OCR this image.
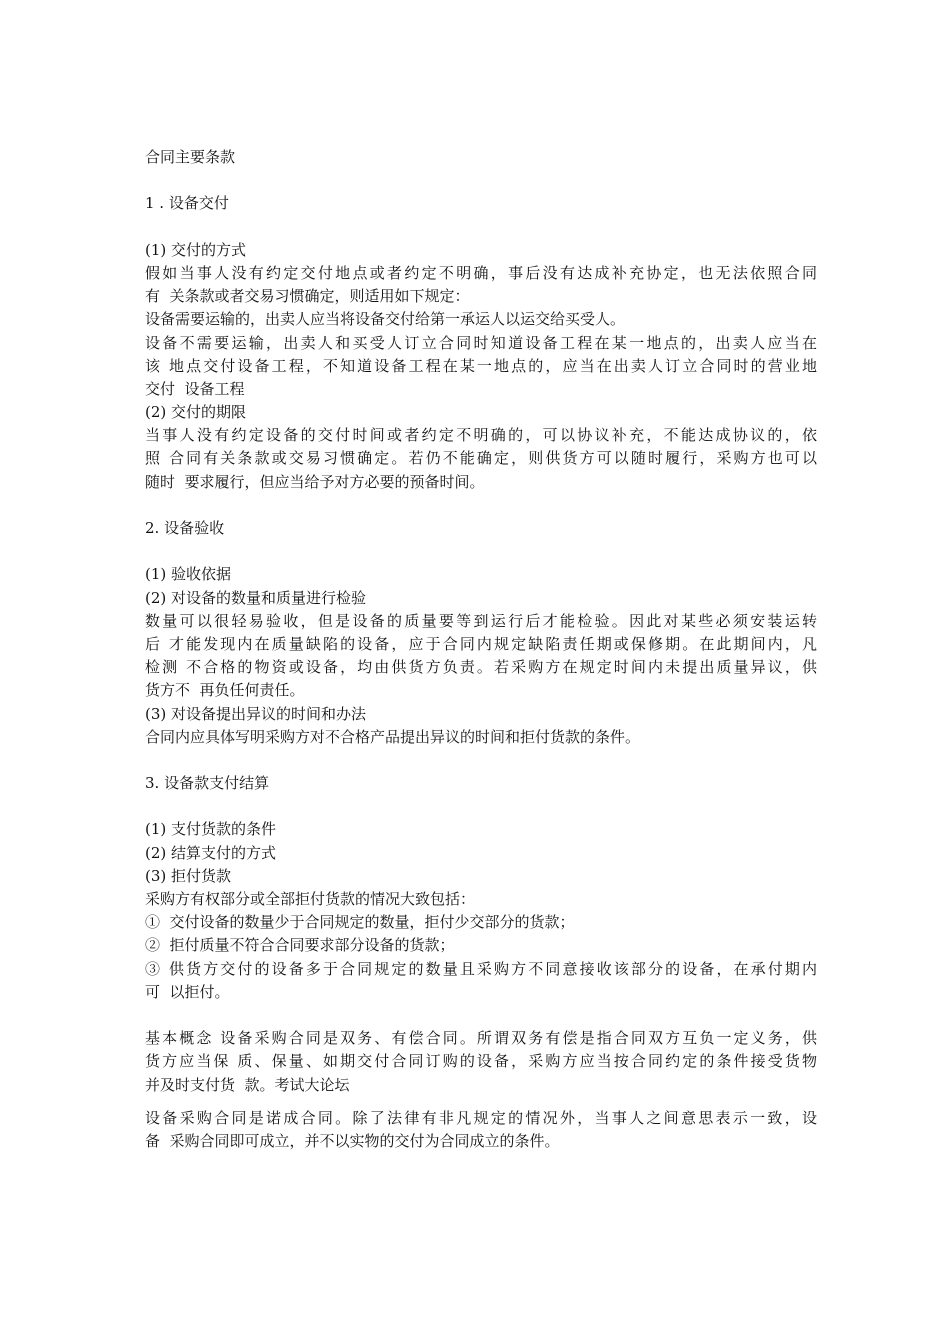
合同主要条款
1 . 设备交付
(1) 交付的方式
假如当事人没有约定交付地点或者约定不明确，事后没有达成补充协定，也无法依照合同
有  关条款或者交易习惯确定，则适用如下规定：
设备需要运输的，出卖人应当将设备交付给第一承运人以运交给买受人。
设备不需要运输，出卖人和买受人订立合同时知道设备工程在某一地点的，出卖人应当在
该 地点交付设备工程，不知道设备工程在某一地点的，应当在出卖人订立合同时的营业地
交付  设备工程
(2) 交付的期限
当事人没有约定设备的交付时间或者约定不明确的，可以协议补充，不能达成协议的，依
照 合同有关条款或交易习惯确定。若仍不能确定，则供货方可以随时履行，采购方也可以
随时  要求履行，但应当给予对方必要的预备时间。
2. 设备验收
(1) 验收依据
(2) 对设备的数量和质量进行检验
数量可以很轻易验收，但是设备的质量要等到运行后才能检验。因此对某些必须安装运转
后 才能发现内在质量缺陷的设备，应于合同内规定缺陷责任期或保修期。在此期间内，凡
检测 不合格的物资或设备，均由供货方负责。若采购方在规定时间内未提出质量异议，供
货方不  再负任何责任。
(3) 对设备提出异议的时间和办法
合同内应具体写明采购方对不合格产品提出异议的时间和拒付货款的条件。
3. 设备款支付结算
(1) 支付货款的条件
(2) 结算支付的方式
(3) 拒付货款
采购方有权部分或全部拒付货款的情况大致包括：
①  交付设备的数量少于合同规定的数量，拒付少交部分的货款；
②  拒付质量不符合合同要求部分设备的货款；
③ 供货方交付的设备多于合同规定的数量且采购方不同意接收该部分的设备，在承付期内
可  以拒付。
基本概念 设备采购合同是双务、有偿合同。所谓双务有偿是指合同双方互负一定义务，供
货方应当保 质、保量、如期交付合同订购的设备，采购方应当按合同约定的条件接受货物
并及时支付货  款。考试大论坛
设备采购合同是诺成合同。除了法律有非凡规定的情况外，当事人之间意思表示一致，设
备  采购合同即可成立，并不以实物的交付为合同成立的条件。
